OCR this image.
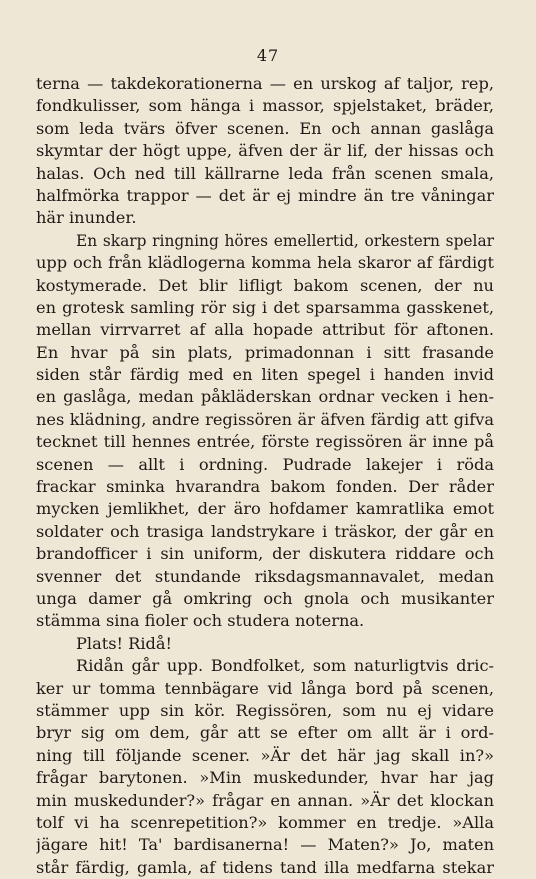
47
terna — takdekorationerna — en urskog af taljor, rep,
fondkulisser, som hänga i massor, spjelstaket, bräder,
som leda tvärs öfver scenen. En och annan gaslåga
skymtar der högt uppe, äfven der är lif, der hissas och
halas. Och ned till källrarne leda från scenen smala,
halfmörka trappor — det är ej mindre än tre våningar
här inunder.
En skarp ringning höres emellertid, orkestern spelar
upp och från klädlogerna komma hela skaror af färdigt
kostymerade. Det blir lifligt bakom scenen, der nu
en grotesk samling rör sig i det sparsamma gasskenet,
mellan virrvarret af alla hopade attribut för aftonen.
En hvar på sin plats, primadonnan i sitt frasande
siden står färdig med en liten spegel i handen invid
en gaslåga, medan påkläderskan ordnar vecken i hen-
nes klädning, andre regissören är äfven färdig att gifva
tecknet till hennes entrée, förste regissören är inne på
scenen — allt i ordning. Pudrade lakejer i röda
frackar sminka hvarandra bakom fonden. Der råder
mycken jemlikhet, der äro hofdamer kamratlika emot
soldater och trasiga landstrykare i träskor, der går en
brandofficer i sin uniform, der diskutera riddare och
svenner det stundande riksdagsmannavalet, medan
unga damer gå omkring och gnola och musikanter
stämma sina fioler och studera noterna.
Plats! Ridå!
Ridån går upp. Bondfolket, som naturligtvis dric-
ker ur tomma tennbägare vid långa bord på scenen,
stämmer upp sin kör. Regissören, som nu ej vidare
bryr sig om dem, går att se efter om allt är i ord-
ning till följande scener. »Är det här jag skall in?»
frågar barytonen. »Min muskedunder, hvar har jag
min muskedunder?» frågar en annan. »Är det klockan
tolf vi ha scenrepetition?» kommer en tredje. »Alla
jägare hit! Ta' bardisanerna! — Maten?» Jo, maten
står färdig, gamla, af tidens tand illa medfarna stekar
